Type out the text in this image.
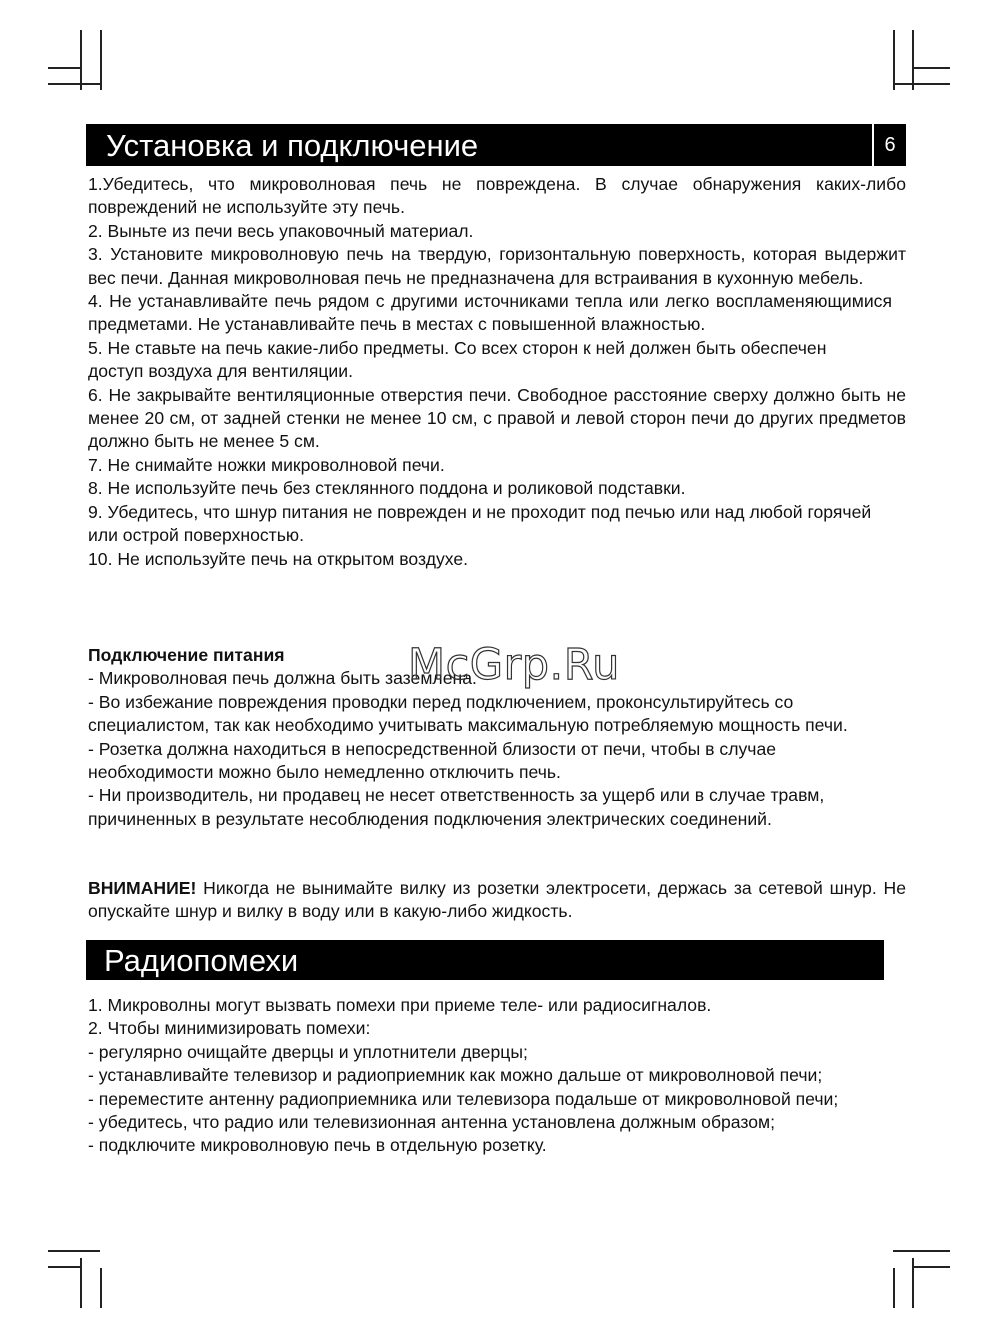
Установка и подключение	6

1.Убедитесь, что микроволновая печь не повреждена. В случае обнаружения каких-либо повреждений не используйте эту печь.

2. Выньте из печи весь упаковочный материал.

3. Установите микроволновую печь на твердую, горизонтальную поверхность, которая выдержит вес печи. Данная микроволновая печь не предназначена для встраивания в кухонную мебель.

4. Не устанавливайте печь рядом с другими источниками тепла или легко воспламеняющимися предметами. Не устанавливайте печь в местах с повышенной влажностью.

5. Не ставьте на печь какие-либо предметы. Со всех сторон к ней должен быть обеспечен доступ воздуха для вентиляции.

6. Не закрывайте вентиляционные отверстия печи. Свободное расстояние сверху должно быть не менее 20 см, от задней стенки не менее 10 см, с правой и левой сторон печи до других предметов должно быть не менее 5 см.

7. Не снимайте ножки микроволновой печи.

8. Не используйте печь без стеклянного поддона и роликовой подставки.

9. Убедитесь, что шнур питания не поврежден и не проходит под печью или над любой горячей или острой поверхностью.

10. Не используйте печь на открытом воздухе.

Подключение питания

- Микроволновая печь должна быть заземлена.

- Во избежание повреждения проводки перед подключением, проконсультируйтесь со специалистом, так как необходимо учитывать максимальную потребляемую мощность печи.

- Розетка должна находиться в непосредственной близости от печи, чтобы в случае необходимости можно было немедленно отключить печь.

- Ни производитель, ни продавец не несет ответственность за ущерб или в случае травм, причиненных в результате несоблюдения подключения электрических соединений.

ВНИМАНИЕ! Никогда не вынимайте вилку из розетки электросети, держась за сетевой шнур. Не опускайте шнур и вилку в воду или в какую-либо жидкость.

Радиопомехи

1. Микроволны могут вызвать помехи при приеме теле- или радиосигналов.

2. Чтобы минимизировать помехи:

- регулярно очищайте дверцы и уплотнители дверцы;

- устанавливайте телевизор и радиоприемник как можно дальше от микроволновой печи;

- переместите антенну радиоприемника или телевизора подальше от микроволновой печи;

- убедитесь, что радио или телевизионная антенна установлена должным образом;

- подключите микроволновую печь в отдельную розетку.

McGrp.Ru
